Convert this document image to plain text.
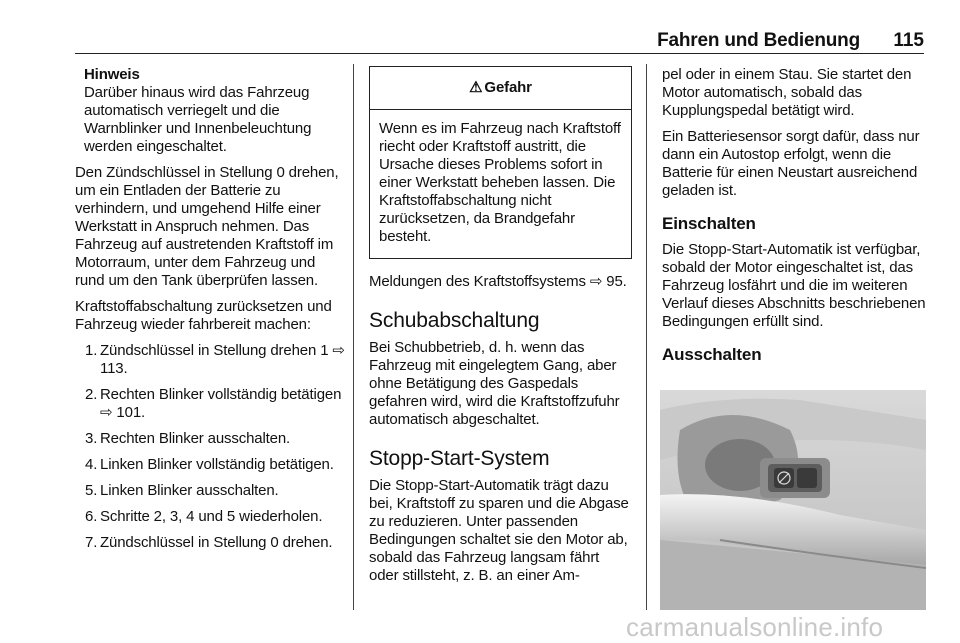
Fahren und Bedienung 115
Hinweis
Darüber hinaus wird das Fahrzeug automatisch verriegelt und die Warnblinker und Innenbeleuchtung werden eingeschaltet.

Den Zündschlüssel in Stellung 0 drehen, um ein Entladen der Batterie zu verhindern, und umgehend Hilfe einer Werkstatt in Anspruch nehmen. Das Fahrzeug auf austretenden Kraftstoff im Motorraum, unter dem Fahrzeug und rund um den Tank überprüfen lassen.

Kraftstoffabschaltung zurücksetzen und Fahrzeug wieder fahrbereit machen:

1. Zündschlüssel in Stellung drehen 1 ⇨ 113.
2. Rechten Blinker vollständig betätigen ⇨ 101.
3. Rechten Blinker ausschalten.
4. Linken Blinker vollständig betätigen.
5. Linken Blinker ausschalten.
6. Schritte 2, 3, 4 und 5 wiederholen.
7. Zündschlüssel in Stellung 0 drehen.
⚠ Gefahr
Wenn es im Fahrzeug nach Kraftstoff riecht oder Kraftstoff austritt, die Ursache dieses Problems sofort in einer Werkstatt beheben lassen. Die Kraftstoffabschaltung nicht zurücksetzen, da Brandgefahr besteht.

Meldungen des Kraftstoffsystems ⇨ 95.

Schubabschaltung

Bei Schubbetrieb, d. h. wenn das Fahrzeug mit eingelegtem Gang, aber ohne Betätigung des Gaspedals gefahren wird, wird die Kraftstoffzufuhr automatisch abgeschaltet.

Stopp-Start-System

Die Stopp-Start-Automatik trägt dazu bei, Kraftstoff zu sparen und die Abgase zu reduzieren. Unter passenden Bedingungen schaltet sie den Motor ab, sobald das Fahrzeug langsam fährt oder stillsteht, z. B. an einer Am-

pel oder in einem Stau. Sie startet den Motor automatisch, sobald das Kupplungspedal betätigt wird.

Ein Batteriesensor sorgt dafür, dass nur dann ein Autostop erfolgt, wenn die Batterie für einen Neustart ausreichend geladen ist.

Einschalten

Die Stopp-Start-Automatik ist verfügbar, sobald der Motor eingeschaltet ist, das Fahrzeug losfährt und die im weiteren Verlauf dieses Abschnitts beschriebenen Bedingungen erfüllt sind.

Ausschalten
carmanualsonline.info
